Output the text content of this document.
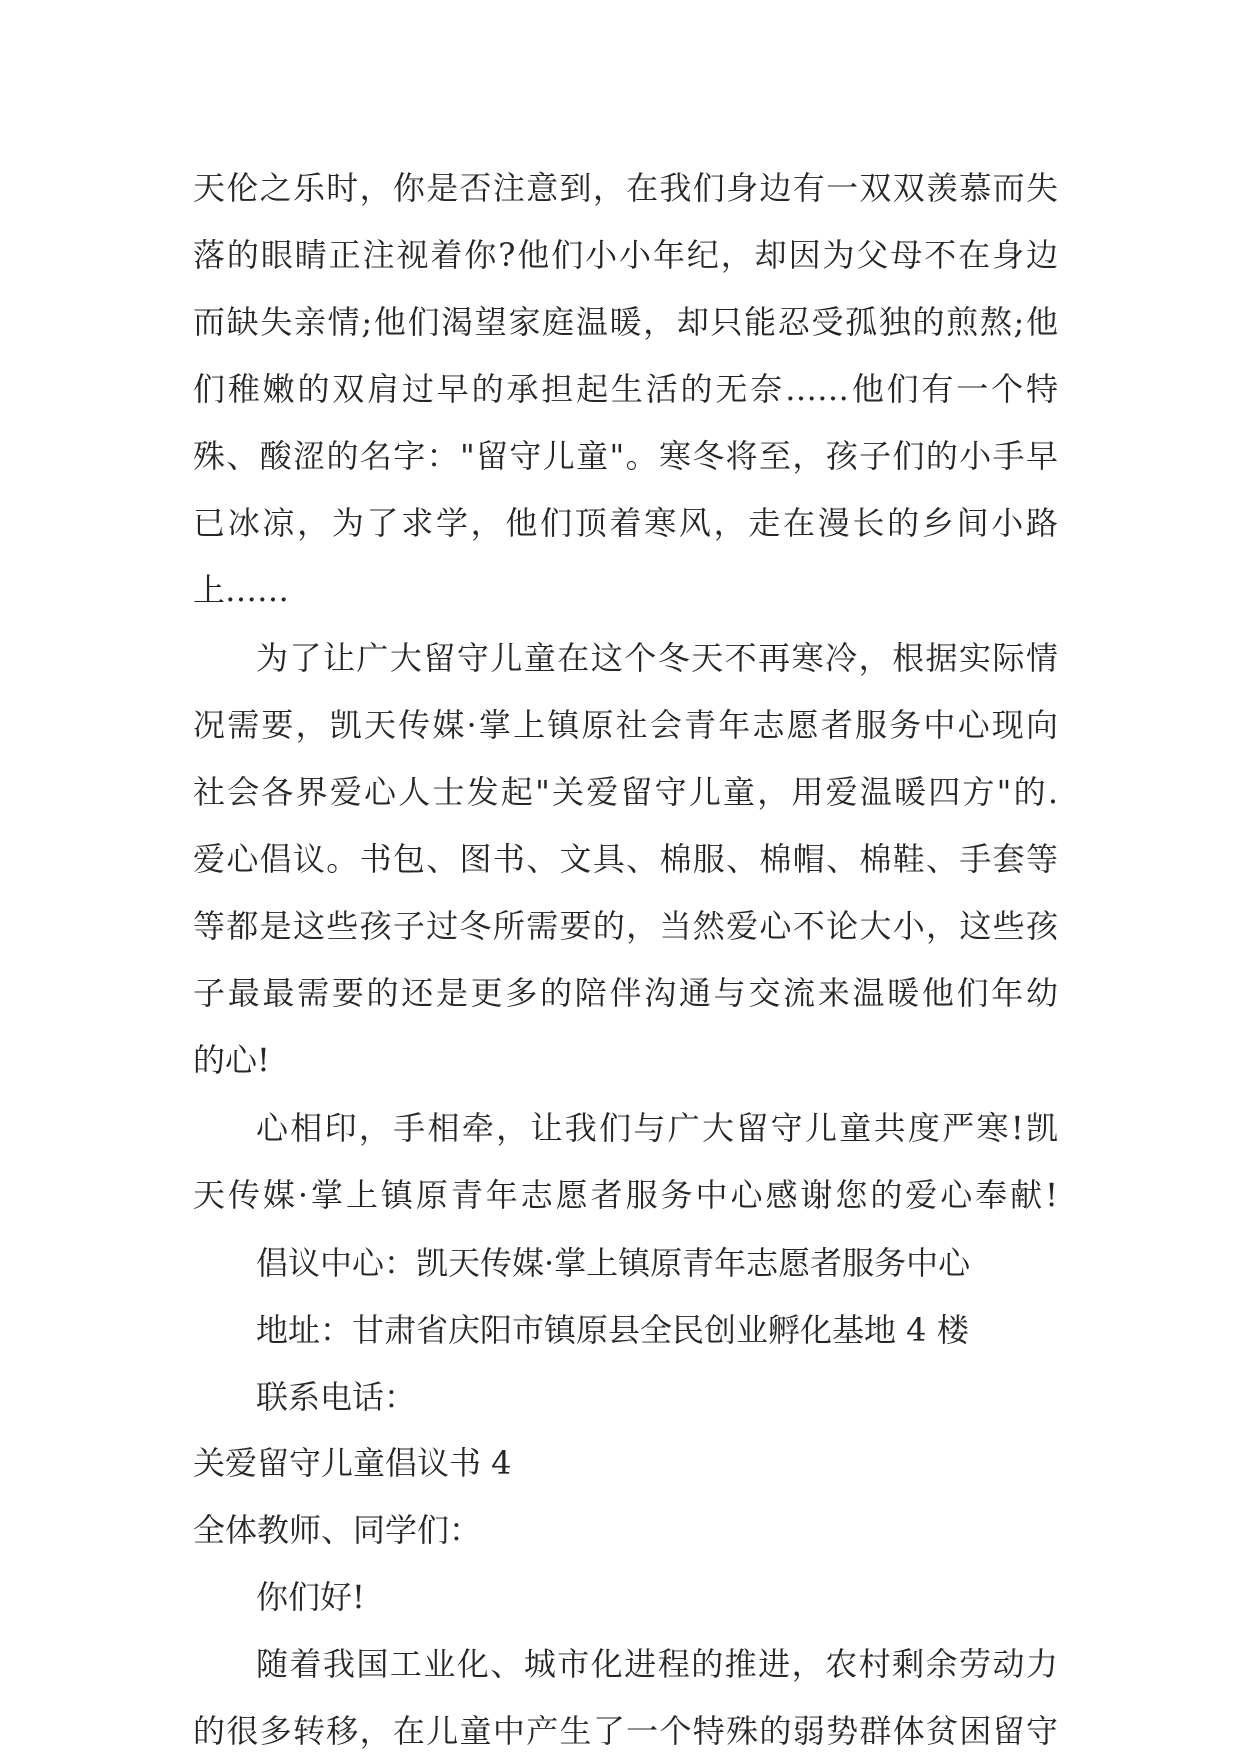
天伦之乐时，你是否注意到，在我们身边有一双双羡慕而失
落的眼睛正注视着你?他们小小年纪，却因为父母不在身边
而缺失亲情;他们渴望家庭温暖，却只能忍受孤独的煎熬;他
们稚嫩的双肩过早的承担起生活的无奈……他们有一个特
殊、酸涩的名字："留守儿童"。寒冬将至，孩子们的小手早
已冰凉，为了求学，他们顶着寒风，走在漫长的乡间小路
上……
为了让广大留守儿童在这个冬天不再寒冷，根据实际情
况需要，凯天传媒·掌上镇原社会青年志愿者服务中心现向
社会各界爱心人士发起"关爱留守儿童，用爱温暖四方"的.
爱心倡议。书包、图书、文具、棉服、棉帽、棉鞋、手套等
等都是这些孩子过冬所需要的，当然爱心不论大小，这些孩
子最最需要的还是更多的陪伴沟通与交流来温暖他们年幼
的心!
心相印，手相牵，让我们与广大留守儿童共度严寒!凯
天传媒·掌上镇原青年志愿者服务中心感谢您的爱心奉献!
倡议中心：凯天传媒·掌上镇原青年志愿者服务中心
地址：甘肃省庆阳市镇原县全民创业孵化基地 4 楼
联系电话：
关爱留守儿童倡议书 4
全体教师、同学们：
你们好!
随着我国工业化、城市化进程的推进，农村剩余劳动力
的很多转移，在儿童中产生了一个特殊的弱势群体贫困留守
